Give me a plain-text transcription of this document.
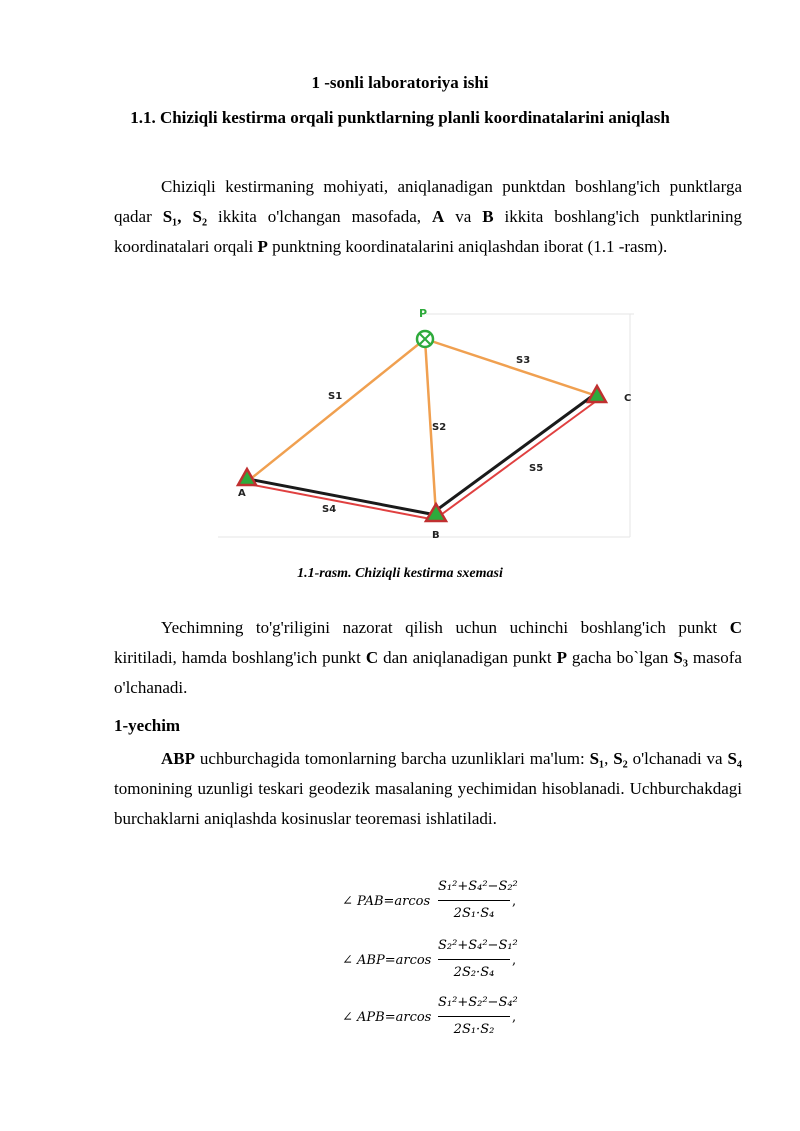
1 -sonli laboratoriya ishi
1.1. Chiziqli kestirma orqali punktlarning planli koordinatalarini aniqlash

Chiziqli kestirmaning mohiyati, aniqlanadigan punktdan boshlang'ich punktlarga qadar S₁, S₂ ikkita o'lchangan masofada, A va B ikkita boshlang'ich punktlarining koordinatalari orqali P punktning koordinatalarini aniqlashdan iborat (1.1 -rasm).

P
A
B
C
S1
S2
S3
S4
S5
1.1-rasm. Chiziqli kestirma sxemasi

Yechimning to'g'riligini nazorat qilish uchun uchinchi boshlang'ich punkt C kiritiladi, hamda boshlang'ich punkt C dan aniqlanadigan punkt P gacha bo`lgan S₃ masofa o'lchanadi.

1-yechim

ABP uchburchagida tomonlarning barcha uzunliklari ma'lum: S₁, S₂ o'lchanadi va S₄ tomonining uzunligi teskari geodezik masalaning yechimidan hisoblanadi. Uchburchakdagi burchaklarni aniqlashda kosinuslar teoremasi ishlatiladi.

∠ PAB=arcos
S₁²+S₄²−S₂²
2S₁·S₄
,
∠ ABP=arcos
S₂²+S₄²−S₁²
2S₂·S₄
,
∠ APB=arcos
S₁²+S₂²−S₄²
2S₁·S₂
,
